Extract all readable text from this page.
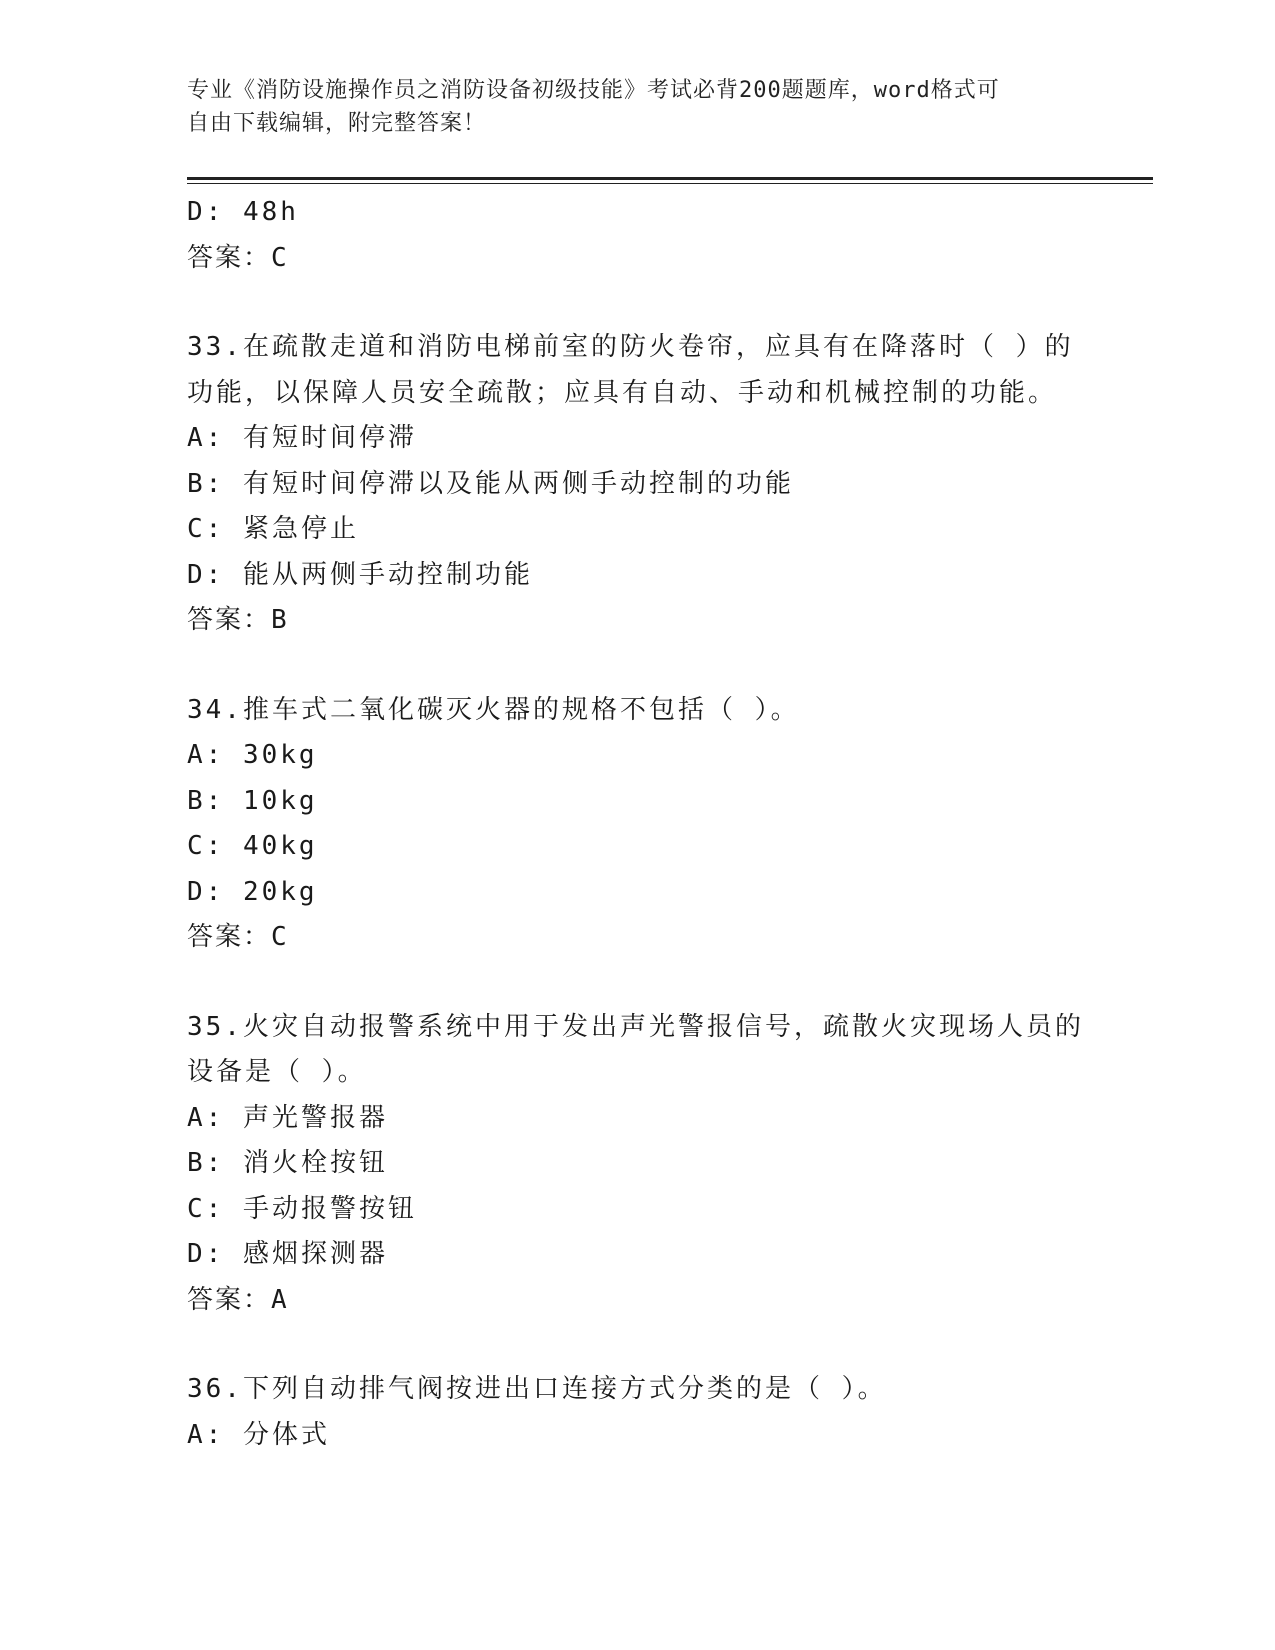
专业《消防设施操作员之消防设备初级技能》考试必背200题题库，word格式可
自由下载编辑，附完整答案！
D: 48h
答案：C
33.在疏散走道和消防电梯前室的防火卷帘，应具有在降落时（ ）的
功能，以保障人员安全疏散；应具有自动、手动和机械控制的功能。
A: 有短时间停滞
B: 有短时间停滞以及能从两侧手动控制的功能
C: 紧急停止
D: 能从两侧手动控制功能
答案：B
34.推车式二氧化碳灭火器的规格不包括（ ）。
A: 30kg
B: 10kg
C: 40kg
D: 20kg
答案：C
35.火灾自动报警系统中用于发出声光警报信号，疏散火灾现场人员的
设备是（ ）。
A: 声光警报器
B: 消火栓按钮
C: 手动报警按钮
D: 感烟探测器
答案：A
36.下列自动排气阀按进出口连接方式分类的是（ ）。
A: 分体式
